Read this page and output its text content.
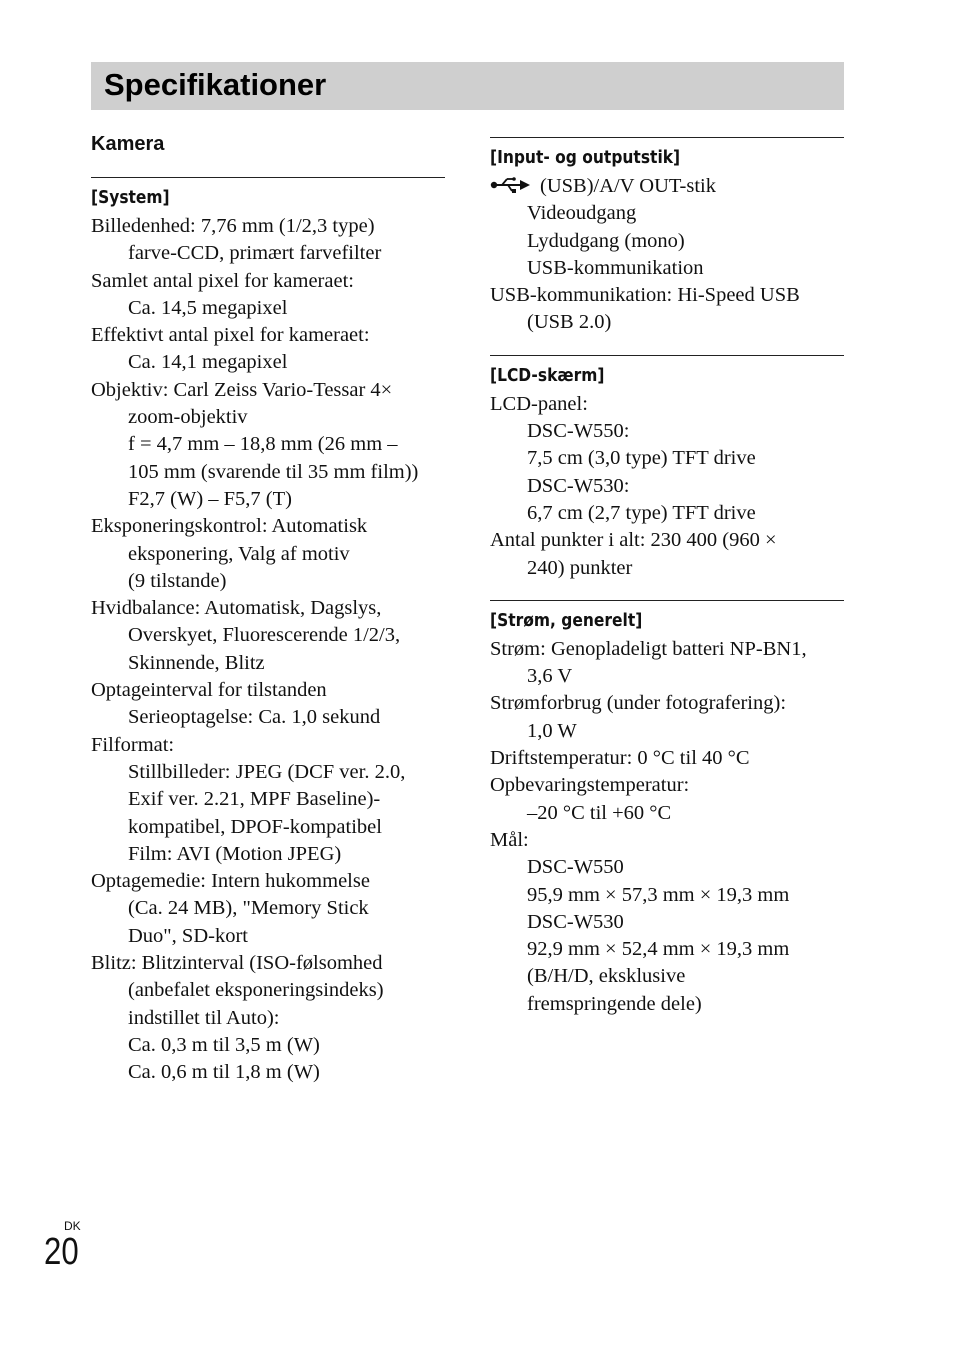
Specifikationer
Kamera
[System]
Billedenhed: 7,76 mm (1/2,3 type)
farve-CCD, primært farvefilter
Samlet antal pixel for kameraet:
Ca. 14,5 megapixel
Effektivt antal pixel for kameraet:
Ca. 14,1 megapixel
Objektiv: Carl Zeiss Vario-Tessar 4×
zoom-objektiv
f = 4,7 mm – 18,8 mm (26 mm –
105 mm (svarende til 35 mm film))
F2,7 (W) – F5,7 (T)
Eksponeringskontrol: Automatisk
eksponering, Valg af motiv
(9 tilstande)
Hvidbalance: Automatisk, Dagslys,
Overskyet, Fluorescerende 1/2/3,
Skinnende, Blitz
Optageinterval for tilstanden
Serieoptagelse: Ca. 1,0 sekund
Filformat:
Stillbilleder: JPEG (DCF ver. 2.0,
Exif ver. 2.21, MPF Baseline)-
kompatibel, DPOF-kompatibel
Film: AVI (Motion JPEG)
Optagemedie: Intern hukommelse
(Ca. 24 MB), "Memory Stick
Duo", SD-kort
Blitz: Blitzinterval (ISO-følsomhed
(anbefalet eksponeringsindeks)
indstillet til Auto):
Ca. 0,3 m til 3,5 m (W)
Ca. 0,6 m til 1,8 m (W)
[Input- og outputstik]
(USB)/A/V OUT-stik
Videoudgang
Lydudgang (mono)
USB-kommunikation
USB-kommunikation: Hi-Speed USB
(USB 2.0)
[LCD-skærm]
LCD-panel:
DSC-W550:
7,5 cm (3,0 type) TFT drive
DSC-W530:
6,7 cm (2,7 type) TFT drive
Antal punkter i alt: 230 400 (960 ×
240) punkter
[Strøm, generelt]
Strøm: Genopladeligt batteri NP-BN1,
3,6 V
Strømforbrug (under fotografering):
1,0 W
Driftstemperatur: 0 °C til 40 °C
Opbevaringstemperatur:
–20 °C til +60 °C
Mål:
DSC-W550
95,9 mm × 57,3 mm × 19,3 mm
DSC-W530
92,9 mm × 52,4 mm × 19,3 mm
(B/H/D, eksklusive
fremspringende dele)
DK
20
